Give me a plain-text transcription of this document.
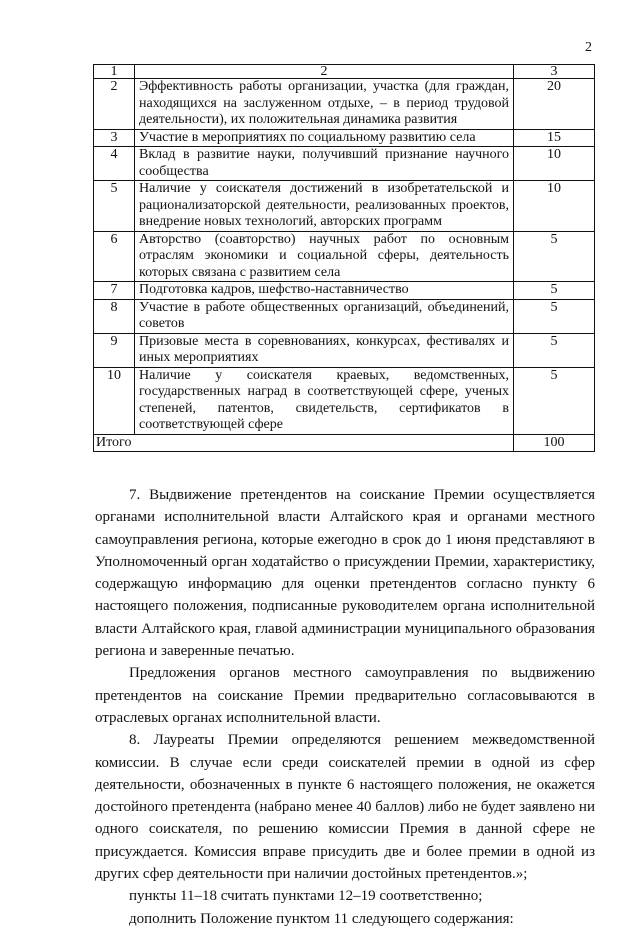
2
1	2	3
2	Эффективность работы организации, участка (для граждан, находящихся на заслуженном отдыхе, – в период трудовой деятельности), их положительная динамика развития	20
3	Участие в мероприятиях по социальному развитию села	15
4	Вклад в развитие науки, получивший признание научного сообщества	10
5	Наличие у соискателя достижений в изобретательской и рационализаторской деятельности, реализованных проектов, внедрение новых технологий, авторских программ	10
6	Авторство (соавторство) научных работ по основным отраслям экономики и социальной сферы, деятельность которых связана с развитием села	5
7	Подготовка кадров, шефство-наставничество	5
8	Участие в работе общественных организаций, объединений, советов	5
9	Призовые места в соревнованиях, конкурсах, фестивалях и иных мероприятиях	5
10	Наличие у соискателя краевых, ведомственных, государственных наград в соответствующей сфере, ученых степеней, патентов, свидетельств, сертификатов в соответствующей сфере	5
Итого		100

7. Выдвижение претендентов на соискание Премии осуществляется органами исполнительной власти Алтайского края и органами местного самоуправления региона, которые ежегодно в срок до 1 июня представляют в Уполномоченный орган ходатайство о присуждении Премии, характеристику, содержащую информацию для оценки претендентов согласно пункту 6 настоящего положения, подписанные руководителем органа исполнительной власти Алтайского края, главой администрации муниципального образования региона и заверенные печатью.

Предложения органов местного самоуправления по выдвижению претендентов на соискание Премии предварительно согласовываются в отраслевых органах исполнительной власти.

8. Лауреаты Премии определяются решением межведомственной комиссии. В случае если среди соискателей премии в одной из сфер деятельности, обозначенных в пункте 6 настоящего положения, не окажется достойного претендента (набрано менее 40 баллов) либо не будет заявлено ни одного соискателя, по решению комиссии Премия в данной сфере не присуждается. Комиссия вправе присудить две и более премии в одной из других сфер деятельности при наличии достойных претендентов.»;

пункты 11–18 считать пунктами 12–19 соответственно;

дополнить Положение пунктом 11 следующего содержания:
